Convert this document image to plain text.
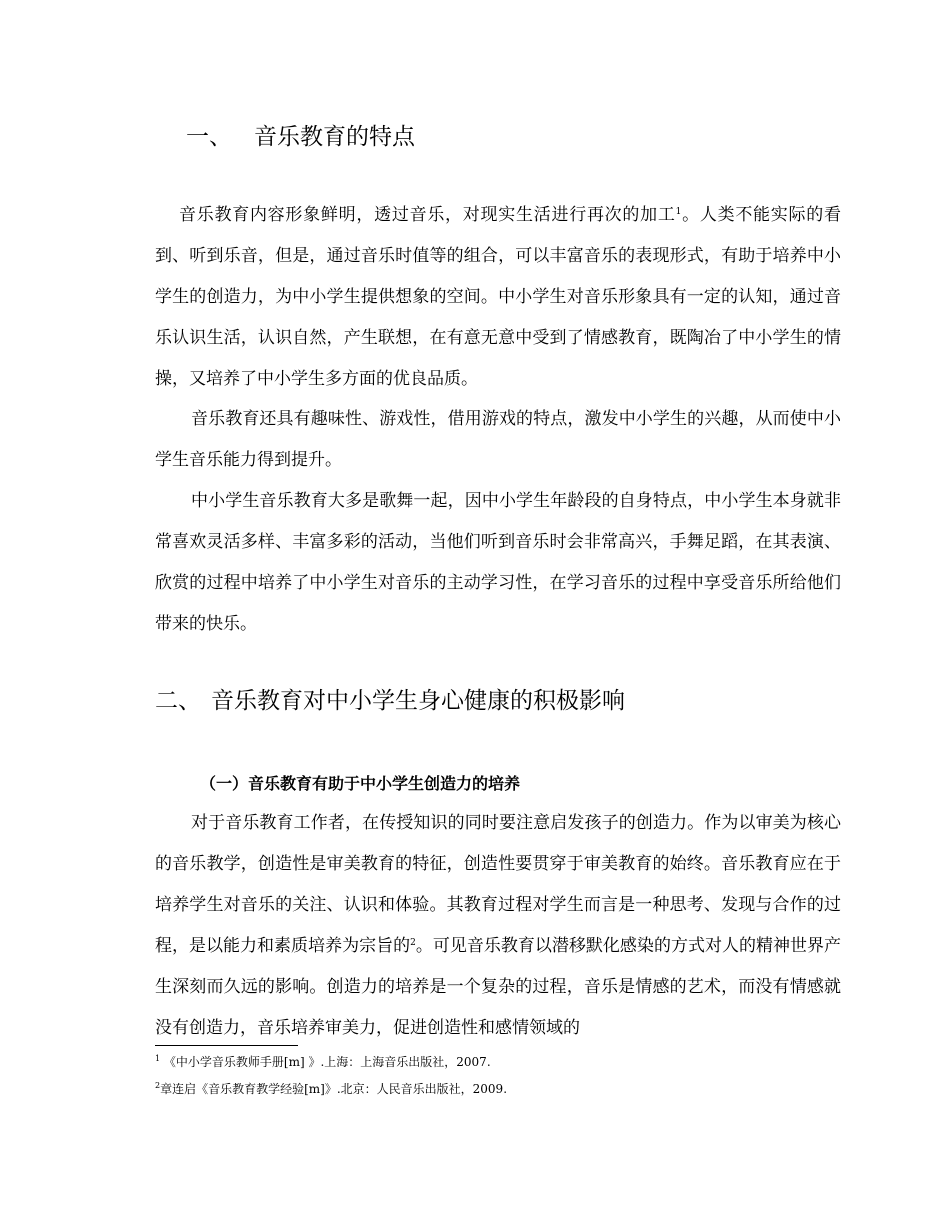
一、 音乐教育的特点

音乐教育内容形象鲜明，透过音乐，对现实生活进行再次的加工$^1$。人类不能实际的看到、听到乐音，但是，通过音乐时值等的组合，可以丰富音乐的表现形式，有助于培养中小学生的创造力，为中小学生提供想象的空间。中小学生对音乐形象具有一定的认知，通过音乐认识生活，认识自然，产生联想，在有意无意中受到了情感教育，既陶冶了中小学生的情操，又培养了中小学生多方面的优良品质。

音乐教育还具有趣味性、游戏性，借用游戏的特点，激发中小学生的兴趣，从而使中小学生音乐能力得到提升。

中小学生音乐教育大多是歌舞一起，因中小学生年龄段的自身特点，中小学生本身就非常喜欢灵活多样、丰富多彩的活动，当他们听到音乐时会非常高兴，手舞足蹈，在其表演、欣赏的过程中培养了中小学生对音乐的主动学习性，在学习音乐的过程中享受音乐所给他们带来的快乐。

二、 音乐教育对中小学生身心健康的积极影响
（一）音乐教育有助于中小学生创造力的培养

对于音乐教育工作者，在传授知识的同时要注意启发孩子的创造力。作为以审美为核心的音乐教学，创造性是审美教育的特征，创造性要贯穿于审美教育的始终。音乐教育应在于培养学生对音乐的关注、认识和体验。其教育过程对学生而言是一种思考、发现与合作的过程，是以能力和素质培养为宗旨的$^2$。可见音乐教育以潜移默化感染的方式对人的精神世界产生深刻而久远的影响。创造力的培养是一个复杂的过程，音乐是情感的艺术，而没有情感就没有创造力，音乐培养审美力，促进创造性和感情领域的

$^1$ 《中小学音乐教师手册[m] 》.上海：上海音乐出版社，2007.
$^2$章连启《音乐教育教学经验[m]》.北京：人民音乐出版社，2009.
